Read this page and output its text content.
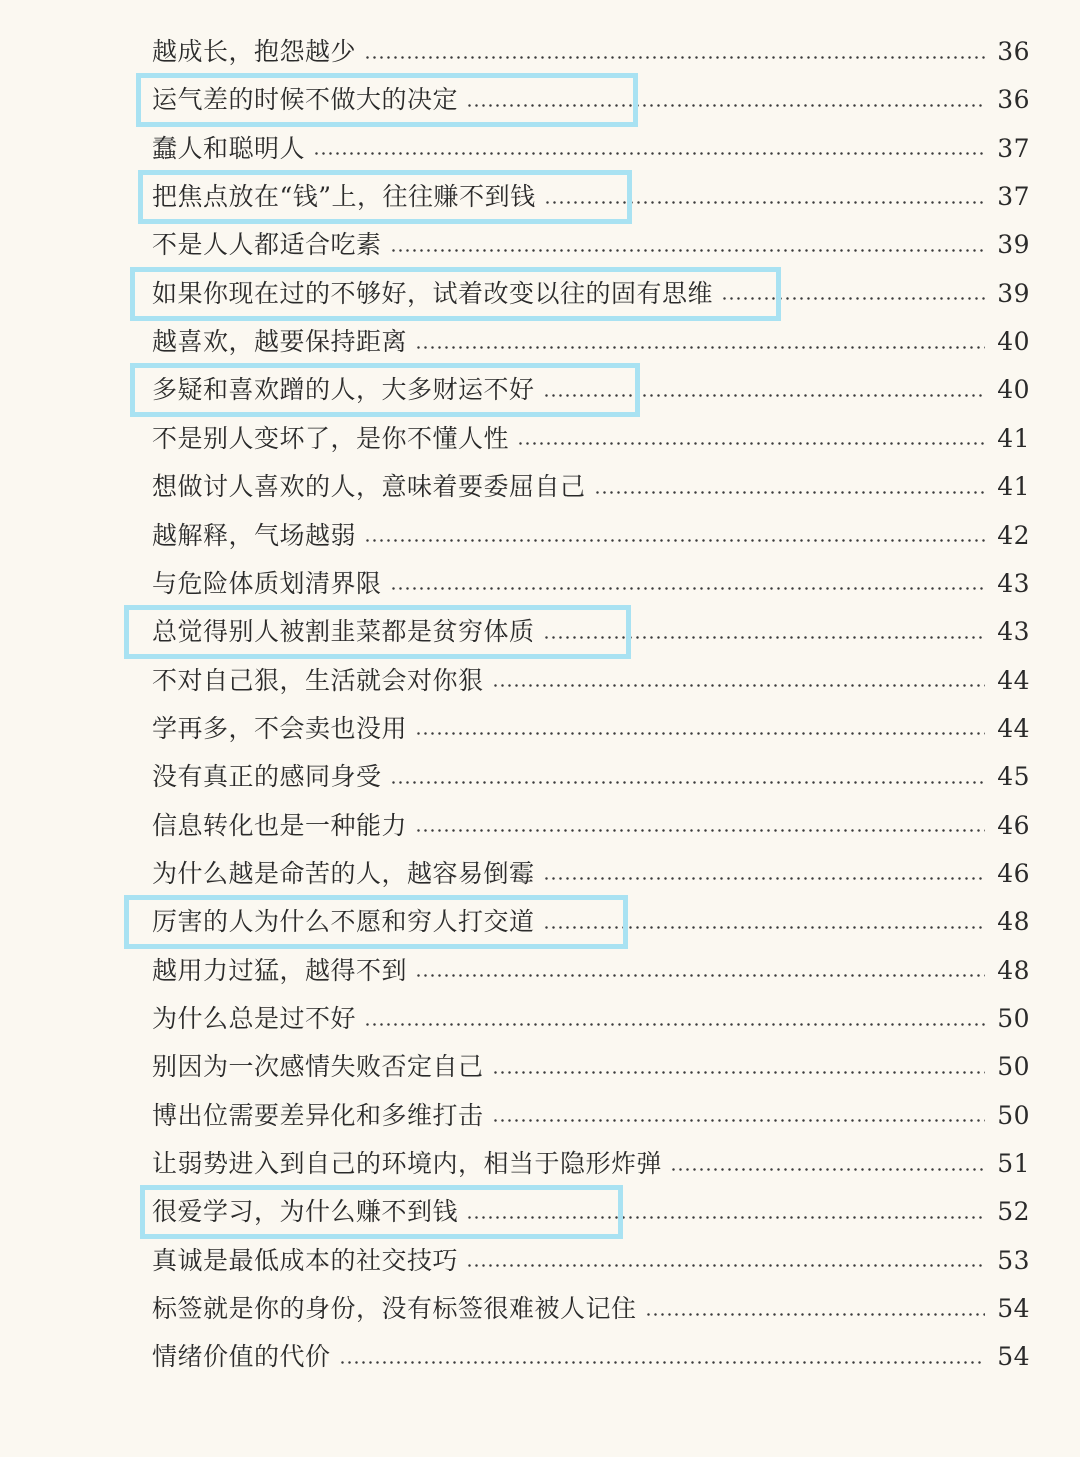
越成长，抱怨越少	36
运气差的时候不做大的决定	36
蠢人和聪明人	37
把焦点放在“钱”上，往往赚不到钱	37
不是人人都适合吃素	39
如果你现在过的不够好，试着改变以往的固有思维	39
越喜欢，越要保持距离	40
多疑和喜欢蹭的人，大多财运不好	40
不是别人变坏了，是你不懂人性	41
想做讨人喜欢的人，意味着要委屈自己	41
越解释，气场越弱	42
与危险体质划清界限	43
总觉得别人被割韭菜都是贫穷体质	43
不对自己狠，生活就会对你狠	44
学再多，不会卖也没用	44
没有真正的感同身受	45
信息转化也是一种能力	46
为什么越是命苦的人，越容易倒霉	46
厉害的人为什么不愿和穷人打交道	48
越用力过猛，越得不到	48
为什么总是过不好	50
别因为一次感情失败否定自己	50
博出位需要差异化和多维打击	50
让弱势进入到自己的环境内，相当于隐形炸弹	51
很爱学习，为什么赚不到钱	52
真诚是最低成本的社交技巧	53
标签就是你的身份，没有标签很难被人记住	54
情绪价值的代价	54
